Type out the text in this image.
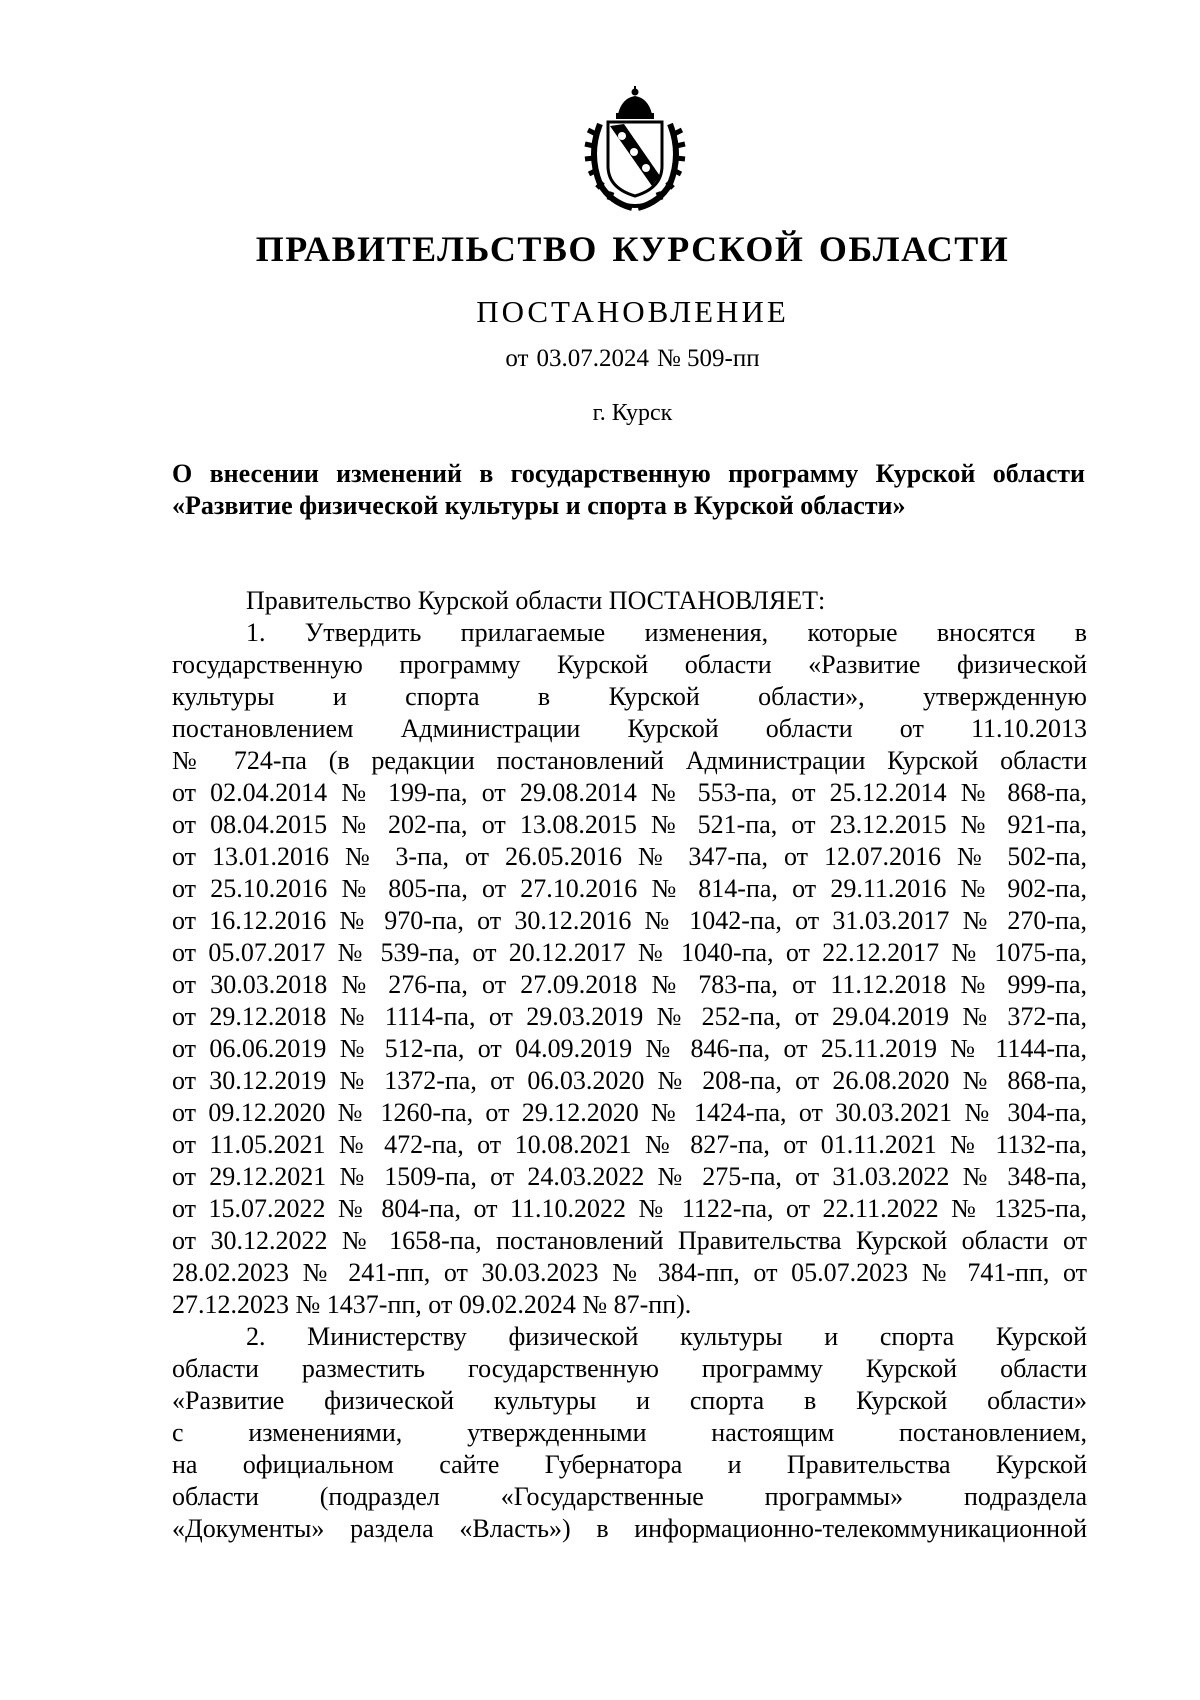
ПРАВИТЕЛЬСТВО КУРСКОЙ ОБЛАСТИ
ПОСТАНОВЛЕНИЕ
от 03.07.2024 № 509-пп
г. Курск
О внесении изменений в государственную программу Курской области «Развитие физической культуры и спорта в Курской области»
Правительство Курской области ПОСТАНОВЛЯЕТ:
1. Утвердить прилагаемые изменения, которые вносятся в
государственную программу Курской области «Развитие физической
культуры и спорта в Курской области», утвержденную
постановлением Администрации Курской области от 11.10.2013
№ 724-па (в редакции постановлений Администрации Курской области
от 02.04.2014 № 199-па, от 29.08.2014 № 553-па, от 25.12.2014 № 868-па,
от 08.04.2015 № 202-па, от 13.08.2015 № 521-па, от 23.12.2015 № 921-па,
от 13.01.2016 № 3-па, от 26.05.2016 № 347-па, от 12.07.2016 № 502-па,
от 25.10.2016 № 805-па, от 27.10.2016 № 814-па, от 29.11.2016 № 902-па,
от 16.12.2016 № 970-па, от 30.12.2016 № 1042-па, от 31.03.2017 № 270-па,
от 05.07.2017 № 539-па, от 20.12.2017 № 1040-па, от 22.12.2017 № 1075-па,
от 30.03.2018 № 276-па, от 27.09.2018 № 783-па, от 11.12.2018 № 999-па,
от 29.12.2018 № 1114-па, от 29.03.2019 № 252-па, от 29.04.2019 № 372-па,
от 06.06.2019 № 512-па, от 04.09.2019 № 846-па, от 25.11.2019 № 1144-па,
от 30.12.2019 № 1372-па, от 06.03.2020 № 208-па, от 26.08.2020 № 868-па,
от 09.12.2020 № 1260-па, от 29.12.2020 № 1424-па, от 30.03.2021 № 304-па,
от 11.05.2021 № 472-па, от 10.08.2021 № 827-па, от 01.11.2021 № 1132-па,
от 29.12.2021 № 1509-па, от 24.03.2022 № 275-па, от 31.03.2022 № 348-па,
от 15.07.2022 № 804-па, от 11.10.2022 № 1122-па, от 22.11.2022 № 1325-па,
от 30.12.2022 № 1658-па, постановлений Правительства Курской области от
28.02.2023 № 241-пп, от 30.03.2023 № 384-пп, от 05.07.2023 № 741-пп, от
27.12.2023 № 1437-пп, от 09.02.2024 № 87-пп).
2. Министерству физической культуры и спорта Курской
области разместить государственную программу Курской области
«Развитие физической культуры и спорта в Курской области»
с изменениями, утвержденными настоящим постановлением,
на официальном сайте Губернатора и Правительства Курской
области (подраздел «Государственные программы» подраздела
«Документы» раздела «Власть») в информационно-телекоммуникационной
